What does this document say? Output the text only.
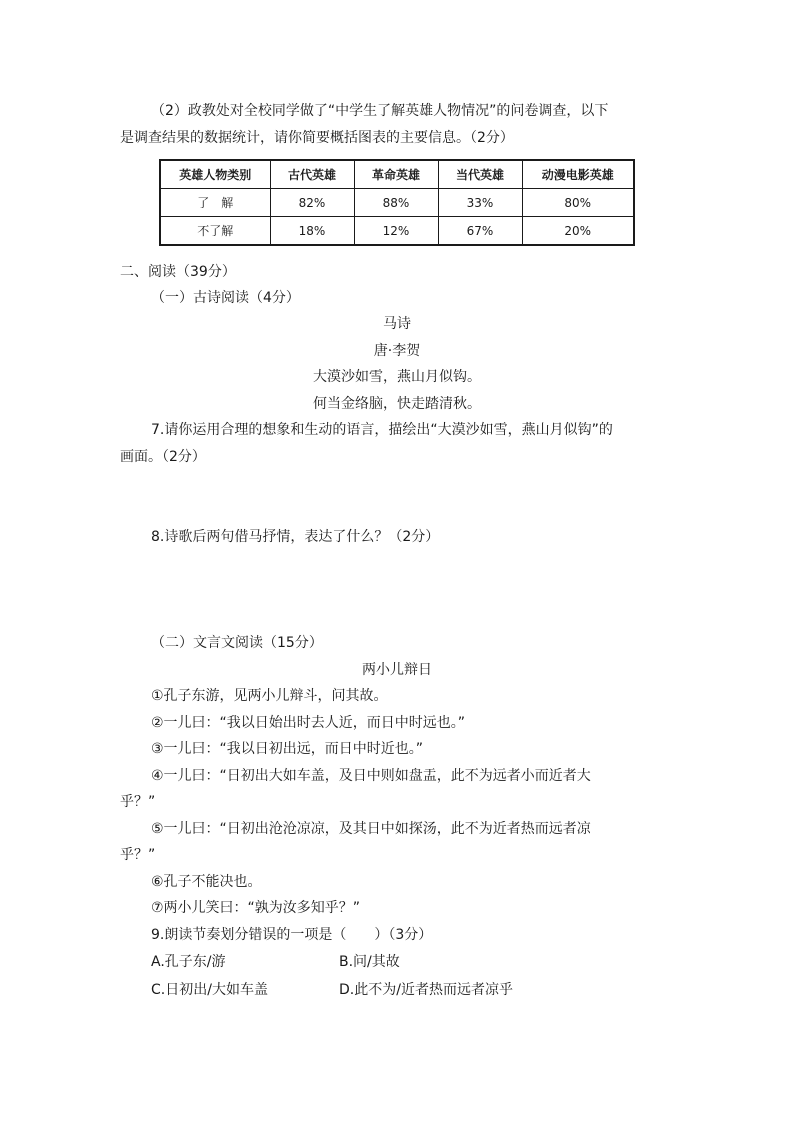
（2）政教处对全校同学做了“中学生了解英雄人物情况”的问卷调查，以下
是调查结果的数据统计，请你简要概括图表的主要信息。（2分）
英雄人物类别	古代英雄	革命英雄	当代英雄	动漫电影英雄
了　解	82%	88%	33%	80%
不了解	18%	12%	67%	20%
二、阅读（39分）
（一）古诗阅读（4分）
马诗
唐·李贺
大漠沙如雪，燕山月似钩。
何当金络脑，快走踏清秋。
7.请你运用合理的想象和生动的语言，描绘出“大漠沙如雪，燕山月似钩”的
画面。（2分）
8.诗歌后两句借马抒情，表达了什么？（2分）
（二）文言文阅读（15分）
两小儿辩日
①孔子东游，见两小儿辩斗，问其故。
②一儿曰：“我以日始出时去人近，而日中时远也。”
③一儿曰：“我以日初出远，而日中时近也。”
④一儿曰：“日初出大如车盖，及日中则如盘盂，此不为远者小而近者大
乎？”
⑤一儿曰：“日初出沧沧凉凉，及其日中如探汤，此不为近者热而远者凉
乎？”
⑥孔子不能决也。
⑦两小儿笑曰：“孰为汝多知乎？”
9.朗读节奏划分错误的一项是（　　）（3分）
A.孔子东/游	B.问/其故
C.日初出/大如车盖	D.此不为/近者热而远者凉乎
